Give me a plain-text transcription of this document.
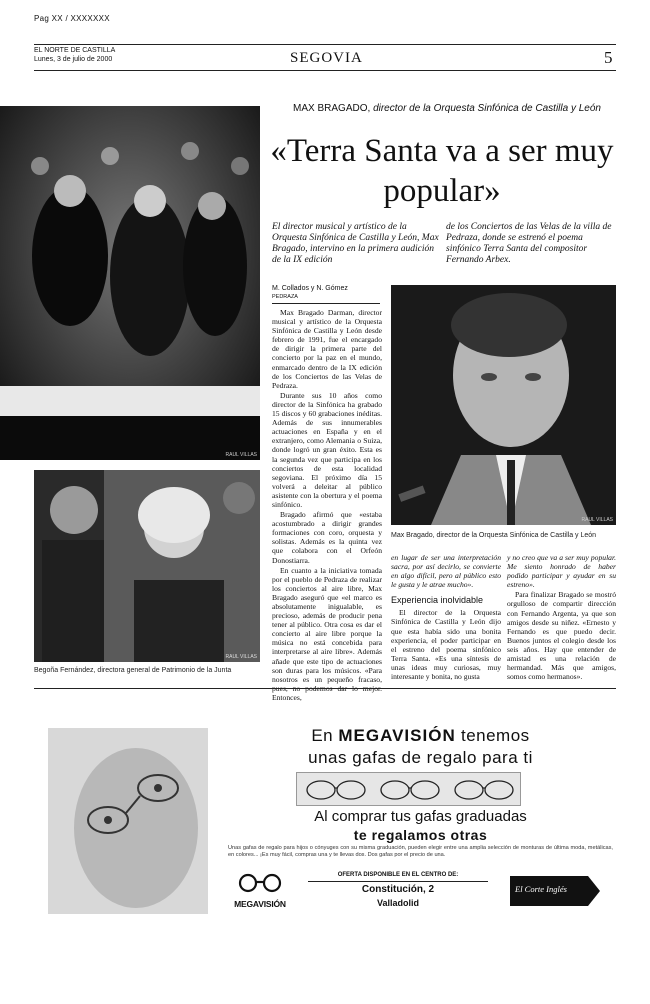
Pag XX / XXXXXXX
EL NORTE DE CASTILLA
Lunes, 3 de julio de 2000	SEGOVIA	5
RAUL VILLAS
RAUL VILLAS
Begoña Fernández, directora general de Patrimonio de la Junta
MAX BRAGADO, director de la Orquesta Sinfónica de Castilla y León
«Terra Santa va a ser muy popular»
El director musical y artístico de la Orquesta Sinfónica de Castilla y León, Max Bragado, intervino en la primera audición de la IX edición
de los Conciertos de las Velas de la villa de Pedraza, donde se estrenó el poema sinfónico Terra Santa del compositor Fernando Arbex.
M. Collados y N. Gómez
PEDRAZA

Max Bragado Darman, director musical y artístico de la Orquesta Sinfónica de Castilla y León desde febrero de 1991, fue el encargado de dirigir la primera parte del concierto por la paz en el mundo, enmarcado dentro de la IX edición de los Conciertos de las Velas de Pedraza.

Durante sus 10 años como director de la Sinfónica ha grabado 15 discos y 60 grabaciones inéditas. Además de sus innumerables actuaciones en España y en el extranjero, como Alemania o Suiza, donde logró un gran éxito. Esta es la segunda vez que participa en los conciertos de esta localidad segoviana. El próximo día 15 volverá a deleitar al público asistente con la obertura y el poema sinfónico.

Bragado afirmó que «estaba acostumbrado a dirigir grandes formaciones con coro, orquesta y solistas. Además es la quinta vez que colabora con el Orfeón Donostiarra.

En cuanto a la iniciativa tomada por el pueblo de Pedraza de realizar los conciertos al aire libre, Max Bragado aseguró que «el marco es absolutamente inigualable, es precioso, además de producir pena tener al público. Otra cosa es dar el concierto al aire libre porque la música no está concebida para interpretarse al aire libre». Además añade que este tipo de actuaciones son duras para los músicos. «Para nosotros es un pequeño fracaso, Entonces,

RAUL VILLAS
Max Bragado, director de la Orquesta Sinfónica de Castilla y León

en lugar de ser una interpretación sacra, por así decirlo, se convierte en algo difícil, pero al público esto le gusta y le atrae mucho».

Experiencia inolvidable

El director de la Orquesta Sinfónica de Castilla y León dijo que esta había sido una bonita experiencia, el poder participar en el estreno del poema sinfónico Terra Santa. «Es una síntesis de unas ideas muy curiosas, muy interesante y bonita, no gusta

y no creo que va a ser muy popular. Me siento honrado de haber podido participar y ayudar en su estreno».

Para finalizar Bragado se mostró orgulloso de compartir dirección con Fernando Argenta, ya que son amigos desde su niñez. «Ernesto y Fernando es que puedo decir. Buenos juntos el colegio desde los seis años. Hay que entender de amistad es una relación de hermandad. Más que amigos, somos como hermanos».

En MEGAVISIÓN tenemos
unas gafas de regalo para ti
Al comprar tus gafas graduadas
te regalamos otras
Unas gafas de regalo para hijos o cónyuges con su misma graduación, pueden elegir entre una amplia selección de monturas de última moda, metálicas, en colores... ¡Es muy fácil, compras una y te llevas dos. Dos gafas por el precio de una.
MEGAVISIÓN
OFERTA DISPONIBLE EN EL CENTRO DE:
Constitución, 2
Valladolid
El Corte Inglés
